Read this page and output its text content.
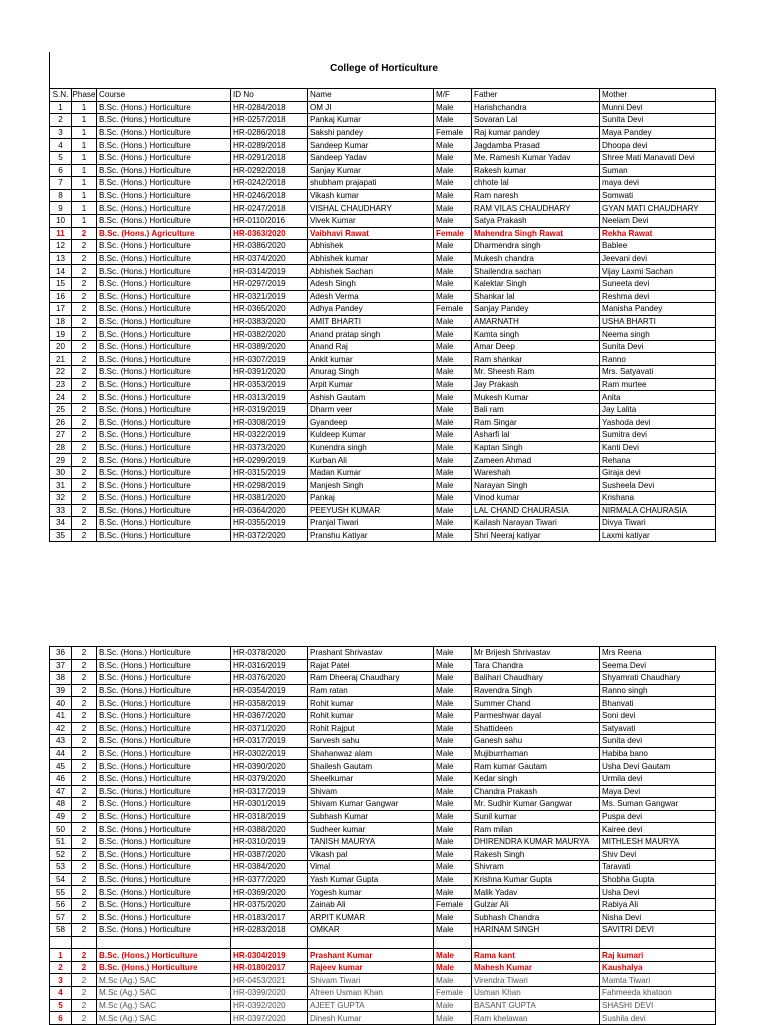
College of Horticulture
S.N.	Phase	Course	ID No	Name	M/F	Father	Mother
1	1	B.Sc. (Hons.) Horticulture	HR-0284/2018	OM JI	Male	Harishchandra	Munni Devi
2	1	B.Sc. (Hons.) Horticulture	HR-0257/2018	Pankaj Kumar	Male	Sovaran Lal	Sunita Devi
3	1	B.Sc. (Hons.) Horticulture	HR-0286/2018	Sakshi pandey	Female	Raj kumar pandey	Maya Pandey
4	1	B.Sc. (Hons.) Horticulture	HR-0289/2018	Sandeep Kumar	Male	Jagdamba Prasad	Dhoopa devi
5	1	B.Sc. (Hons.) Horticulture	HR-0291/2018	Sandeep Yadav	Male	Me. Ramesh Kumar Yadav	Shree Mati Manavati Devi
6	1	B.Sc. (Hons.) Horticulture	HR-0292/2018	Sanjay Kumar	Male	Rakesh kumar	Suman
7	1	B.Sc. (Hons.) Horticulture	HR-0242/2018	shubham prajapati	Male	chhote lal	maya devi
8	1	B.Sc. (Hons.) Horticulture	HR-0246/2018	Vikash kumar	Male	Ram naresh	Somwati
9	1	B.Sc. (Hons.) Horticulture	HR-0247/2018	VISHAL CHAUDHARY	Male	RAM VILAS CHAUDHARY	GYAN MATI CHAUDHARY
10	1	B.Sc. (Hons.) Horticulture	HR-0110/2016	Vivek Kumar	Male	Satya Prakash	Neelam Devi
11	2	B.Sc. (Hons.) Agriculture	HR-0363/2020	Vaibhavi Rawat	Female	Mahendra Singh Rawat	Rekha Rawat
12	2	B.Sc. (Hons.) Horticulture	HR-0386/2020	Abhishek	Male	Dharmendra singh	Bablee
13	2	B.Sc. (Hons.) Horticulture	HR-0374/2020	Abhishek kumar	Male	Mukesh chandra	Jeevani devi
14	2	B.Sc. (Hons.) Horticulture	HR-0314/2019	Abhishek Sachan	Male	Shailendra sachan	Vijay Laxmi Sachan
15	2	B.Sc. (Hons.) Horticulture	HR-0297/2019	Adesh Singh	Male	Kalektar Singh	Suneeta devi
16	2	B.Sc. (Hons.) Horticulture	HR-0321/2019	Adesh Verma	Male	Shankar lal	Reshma devi
17	2	B.Sc. (Hons.) Horticulture	HR-0365/2020	Adhya Pandey	Female	Sanjay Pandey	Manisha Pandey
18	2	B.Sc. (Hons.) Horticulture	HR-0383/2020	AMIT BHARTI	Male	AMARNATH	USHA BHARTI
19	2	B.Sc. (Hons.) Horticulture	HR-0382/2020	Anand pratap singh	Male	Kamta singh	Neema singh
20	2	B.Sc. (Hons.) Horticulture	HR-0389/2020	Anand Raj	Male	Amar Deep	Sunita Devi
21	2	B.Sc. (Hons.) Horticulture	HR-0307/2019	Ankit kumar	Male	Ram shankar	Ranno
22	2	B.Sc. (Hons.) Horticulture	HR-0391/2020	Anurag Singh	Male	Mr. Sheesh Ram	Mrs. Satyavati
23	2	B.Sc. (Hons.) Horticulture	HR-0353/2019	Arpit Kumar	Male	Jay Prakash	Ram murtee
24	2	B.Sc. (Hons.) Horticulture	HR-0313/2019	Ashish Gautam	Male	Mukesh Kumar	Anita
25	2	B.Sc. (Hons.) Horticulture	HR-0319/2019	Dharm veer	Male	Bali ram	Jay Lalita
26	2	B.Sc. (Hons.) Horticulture	HR-0308/2019	Gyandeep	Male	Ram Singar	Yashoda devi
27	2	B.Sc. (Hons.) Horticulture	HR-0322/2019	Kuldeep Kumar	Male	Asharfi lal	Sumitra devi
28	2	B.Sc. (Hons.) Horticulture	HR-0373/2020	Kunendra singh	Male	Kaptan Singh	Kanti Devi
29	2	B.Sc. (Hons.) Horticulture	HR-0299/2019	Kurban Ali	Male	Zameen Ahmad	Rehana
30	2	B.Sc. (Hons.) Horticulture	HR-0315/2019	Madan Kumar	Male	Wareshah	Giraja devi
31	2	B.Sc. (Hons.) Horticulture	HR-0298/2019	Manjesh Singh	Male	Narayan Singh	Susheela Devi
32	2	B.Sc. (Hons.) Horticulture	HR-0381/2020	Pankaj	Male	Vinod kumar	Krishana
33	2	B.Sc. (Hons.) Horticulture	HR-0364/2020	PEEYUSH KUMAR	Male	LAL CHAND CHAURASIA	NIRMALA CHAURASIA
34	2	B.Sc. (Hons.) Horticulture	HR-0355/2019	Pranjal Tiwari	Male	Kailash Narayan Tiwari	Divya Tiwari
35	2	B.Sc. (Hons.) Horticulture	HR-0372/2020	Pranshu Katiyar	Male	Shri Neeraj katiyar	Laxmi katiyar
36	2	B.Sc. (Hons.) Horticulture	HR-0378/2020	Prashant Shrivastav	Male	Mr Brijesh Shrivastav	Mrs Reena
37	2	B.Sc. (Hons.) Horticulture	HR-0316/2019	Rajat Patel	Male	Tara Chandra	Seema Devi
38	2	B.Sc. (Hons.) Horticulture	HR-0376/2020	Ram Dheeraj Chaudhary	Male	Balihari Chaudhary	Shyamrati Chaudhary
39	2	B.Sc. (Hons.) Horticulture	HR-0354/2019	Ram ratan	Male	Ravendra Singh	Ranno singh
40	2	B.Sc. (Hons.) Horticulture	HR-0358/2019	Rohit kumar	Male	Summer Chand	Bhanvati
41	2	B.Sc. (Hons.) Horticulture	HR-0367/2020	Rohit kumar	Male	Parmeshwar dayal	Soni devi
42	2	B.Sc. (Hons.) Horticulture	HR-0371/2020	Rohit Rajput	Male	Shattideen	Satyavati
43	2	B.Sc. (Hons.) Horticulture	HR-0317/2019	Sarvesh sahu	Male	Ganesh sahu	Sunita devi
44	2	B.Sc. (Hons.) Horticulture	HR-0302/2019	Shahanwaz alam	Male	Mujiburrhaman	Habiba bano
45	2	B.Sc. (Hons.) Horticulture	HR-0390/2020	Shailesh Gautam	Male	Ram kumar Gautam	Usha Devi Gautam
46	2	B.Sc. (Hons.) Horticulture	HR-0379/2020	Sheelkumar	Male	Kedar singh	Urmila devi
47	2	B.Sc. (Hons.) Horticulture	HR-0317/2019	Shivam	Male	Chandra Prakash	Maya Devi
48	2	B.Sc. (Hons.) Horticulture	HR-0301/2019	Shivam Kumar Gangwar	Male	Mr. Sudhir Kumar Gangwar	Ms. Suman Gangwar
49	2	B.Sc. (Hons.) Horticulture	HR-0318/2019	Subhash Kumar	Male	Sunil kumar	Puspa devi
50	2	B.Sc. (Hons.) Horticulture	HR-0388/2020	Sudheer kumar	Male	Ram milan	Kairee devi
51	2	B.Sc. (Hons.) Horticulture	HR-0310/2019	TANISH MAURYA	Male	DHIRENDRA KUMAR MAURYA	MITHLESH MAURYA
52	2	B.Sc. (Hons.) Horticulture	HR-0387/2020	Vikash pal	Male	Rakesh Singh	Shiv Devi
53	2	B.Sc. (Hons.) Horticulture	HR-0384/2020	Vimal	Male	Shivram	Taravati
54	2	B.Sc. (Hons.) Horticulture	HR-0377/2020	Yash Kumar Gupta	Male	Krishna Kumar Gupta	Shobha Gupta
55	2	B.Sc. (Hons.) Horticulture	HR-0369/2020	Yogesh kumar	Male	Malik Yadav	Usha Devi
56	2	B.Sc. (Hons.) Horticulture	HR-0375/2020	Zainab Ali	Female	Gulzar Ali	Rabiya Ali
57	2	B.Sc. (Hons.) Horticulture	HR-0183/2017	ARPIT KUMAR	Male	Subhash Chandra	Nisha Devi
58	2	B.Sc. (Hons.) Horticulture	HR-0283/2018	OMKAR	Male	HARINAM SINGH	SAVITRI DEVI

1	2	B.Sc. (Hons.) Horticulture	HR-0304/2019	Prashant Kumar	Male	Rama kant	Raj kumari
2	2	B.Sc. (Hons.) Horticulture	HR-0180/2017	Rajeev kumar	Male	Mahesh Kumar	Kaushalya
3	2	M.Sc (Ag.) SAC	HR-0453/2021	Shivam Tiwari	Male	Virendra Tiwari	Mamta Tiwari
4	2	M.Sc (Ag.) SAC	HR-0399/2020	Afreen Usman Khan	Female	Usman Khan	Fahmeeda khatoon
5	2	M.Sc (Ag.) SAC	HR-0392/2020	AJEET GUPTA	Male	BASANT GUPTA	SHASHI DEVI
6	2	M.Sc (Ag.) SAC	HR-0397/2020	Dinesh Kumar	Male	Ram khelawan	Sushila devi
